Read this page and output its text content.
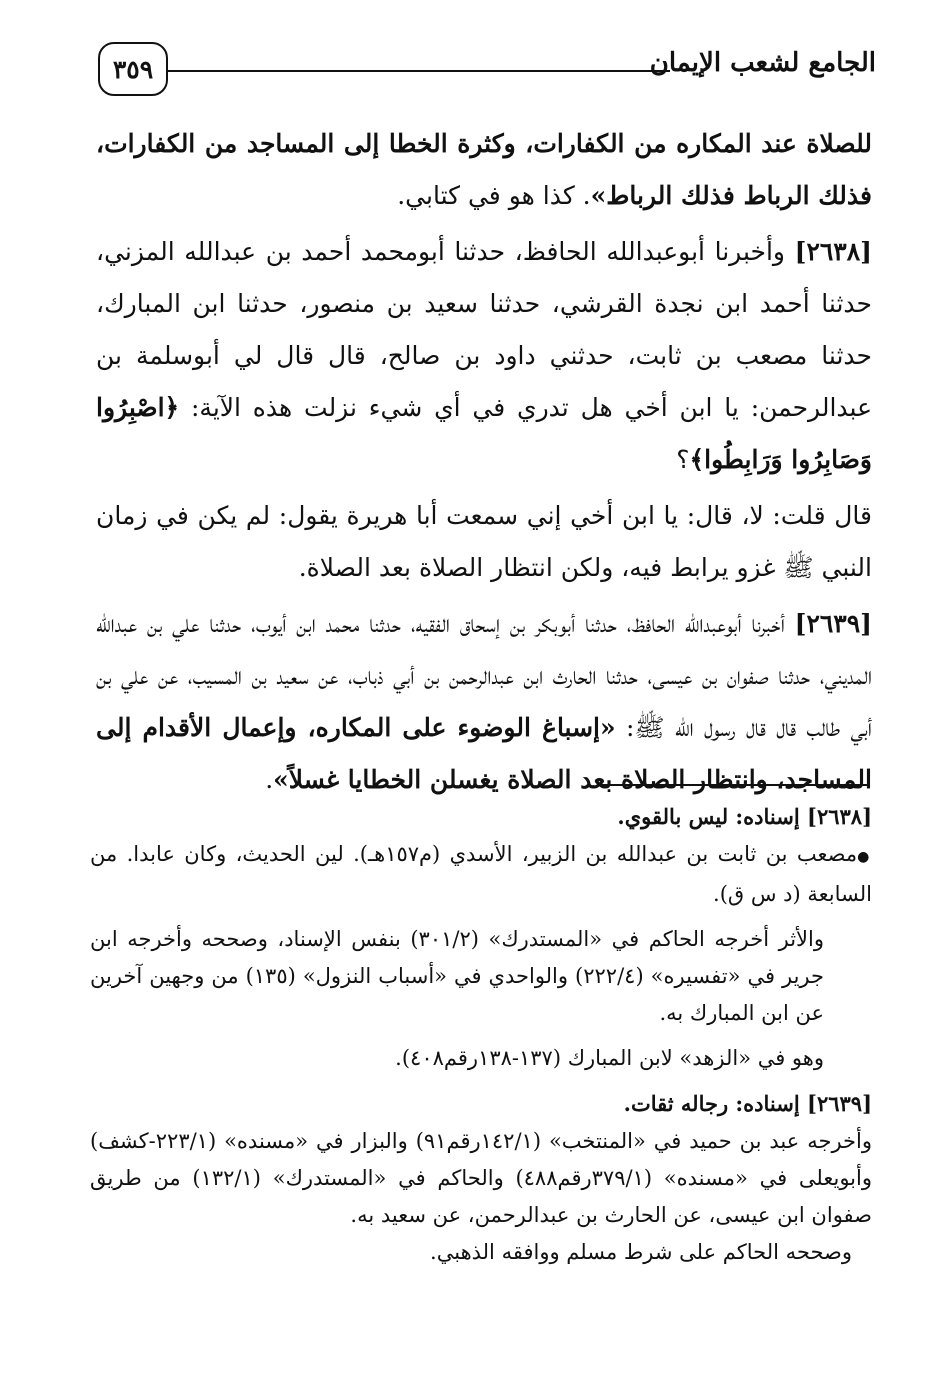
٣٥٩	الجامع لشعب الإيمان

للصلاة عند المكاره من الكفارات، وكثرة الخطا إلى المساجد من الكفارات، فذلك الرباط فذلك الرباط». كذا هو في كتابي.

[٢٦٣٨] وأخبرنا أبوعبدالله الحافظ، حدثنا أبومحمد أحمد بن عبدالله المزني، حدثنا أحمد ابن نجدة القرشي، حدثنا سعيد بن منصور، حدثنا ابن المبارك، حدثنا مصعب بن ثابت، حدثني داود بن صالح، قال قال لي أبوسلمة بن عبدالرحمن: يا ابن أخي هل تدري في أي شيء نزلت هذه الآية: ﴿اصْبِرُوا وَصَابِرُوا وَرَابِطُوا﴾؟

قال قلت: لا، قال: يا ابن أخي إني سمعت أبا هريرة يقول: لم يكن في زمان النبي ﷺ غزو يرابط فيه، ولكن انتظار الصلاة بعد الصلاة.

[٢٦٣٩] أخبرنا أبوعبدالله الحافظ، حدثنا أبوبكر بن إسحاق الفقيه، حدثنا محمد ابن أيوب، حدثنا علي بن عبدالله المديني، حدثنا صفوان بن عيسى، حدثنا الحارث ابن عبدالرحمن بن أبي ذباب، عن سعيد بن المسيب، عن علي بن أبي طالب قال قال رسول الله ﷺ: «إسباغ الوضوء على المكاره، وإعمال الأقدام إلى المساجد، وانتظار الصلاة بعد الصلاة يغسلن الخطايا غسلاً».

[٢٦٣٨] إسناده: ليس بالقوي.

●مصعب بن ثابت بن عبدالله بن الزبير، الأسدي (م١٥٧هـ). لين الحديث، وكان عابدا. من السابعة (د س ق).

والأثر أخرجه الحاكم في «المستدرك» (٣٠١/٢) بنفس الإسناد، وصححه وأخرجه ابن جرير في «تفسيره» (٢٢٢/٤) والواحدي في «أسباب النزول» (١٣٥) من وجهين آخرين عن ابن المبارك به.

وهو في «الزهد» لابن المبارك (١٣٧-١٣٨رقم٤٠٨).

[٢٦٣٩] إسناده: رجاله ثقات.

وأخرجه عبد بن حميد في «المنتخب» (١٤٢/١رقم٩١) والبزار في «مسنده» (٢٢٣/١-كشف) وأبويعلى في «مسنده» (٣٧٩/١رقم٤٨٨) والحاكم في «المستدرك» (١٣٢/١) من طريق صفوان ابن عيسى، عن الحارث بن عبدالرحمن، عن سعيد به.

وصححه الحاكم على شرط مسلم ووافقه الذهبي.
